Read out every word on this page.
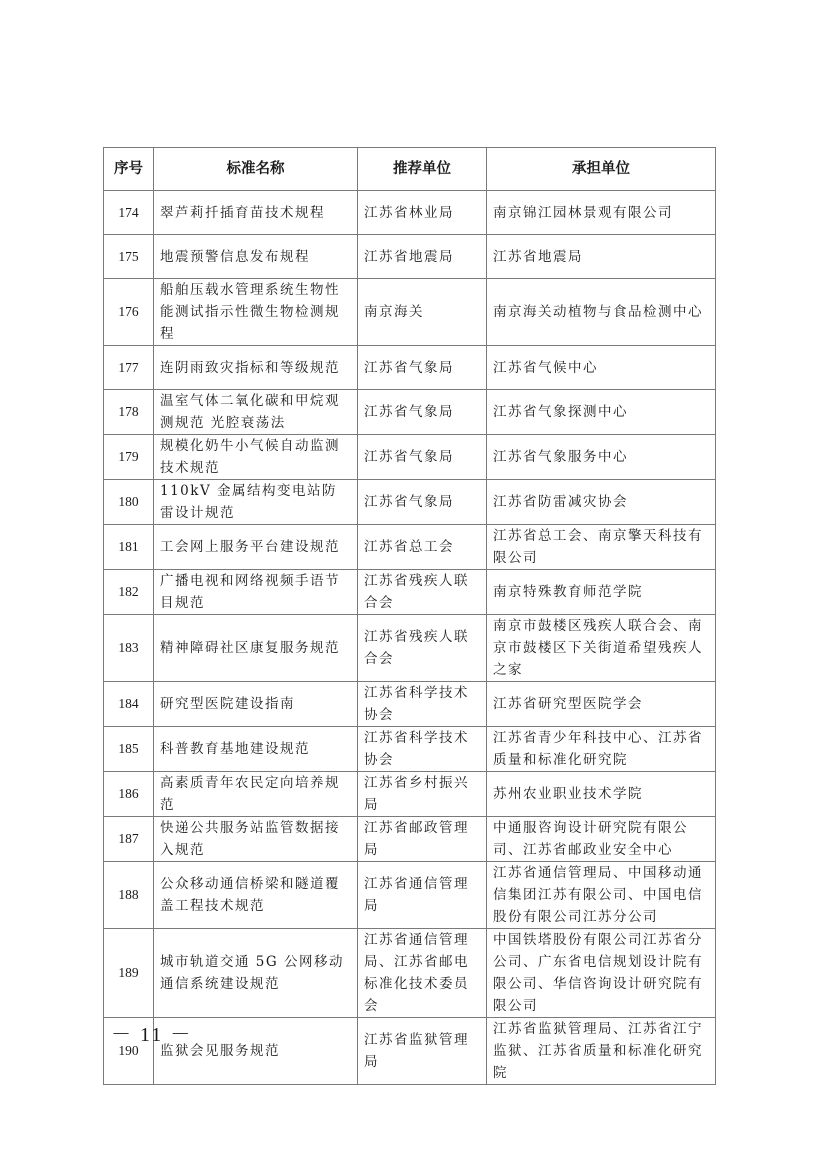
序号	标准名称	推荐单位	承担单位
174	翠芦莉扦插育苗技术规程	江苏省林业局	南京锦江园林景观有限公司
175	地震预警信息发布规程	江苏省地震局	江苏省地震局
176	船舶压载水管理系统生物性能测试指示性微生物检测规程	南京海关	南京海关动植物与食品检测中心
177	连阴雨致灾指标和等级规范	江苏省气象局	江苏省气候中心
178	温室气体二氧化碳和甲烷观测规范 光腔衰荡法	江苏省气象局	江苏省气象探测中心
179	规模化奶牛小气候自动监测技术规范	江苏省气象局	江苏省气象服务中心
180	110kV 金属结构变电站防雷设计规范	江苏省气象局	江苏省防雷减灾协会
181	工会网上服务平台建设规范	江苏省总工会	江苏省总工会、南京擎天科技有限公司
182	广播电视和网络视频手语节目规范	江苏省残疾人联合会	南京特殊教育师范学院
183	精神障碍社区康复服务规范	江苏省残疾人联合会	南京市鼓楼区残疾人联合会、南京市鼓楼区下关街道希望残疾人之家
184	研究型医院建设指南	江苏省科学技术协会	江苏省研究型医院学会
185	科普教育基地建设规范	江苏省科学技术协会	江苏省青少年科技中心、江苏省质量和标准化研究院
186	高素质青年农民定向培养规范	江苏省乡村振兴局	苏州农业职业技术学院
187	快递公共服务站监管数据接入规范	江苏省邮政管理局	中通服咨询设计研究院有限公司、江苏省邮政业安全中心
188	公众移动通信桥梁和隧道覆盖工程技术规范	江苏省通信管理局	江苏省通信管理局、中国移动通信集团江苏有限公司、中国电信股份有限公司江苏分公司
189	城市轨道交通 5G 公网移动通信系统建设规范	江苏省通信管理局、江苏省邮电标准化技术委员会	中国铁塔股份有限公司江苏省分公司、广东省电信规划设计院有限公司、华信咨询设计研究院有限公司
190	监狱会见服务规范	江苏省监狱管理局	江苏省监狱管理局、江苏省江宁监狱、江苏省质量和标准化研究院
－ 11 －
